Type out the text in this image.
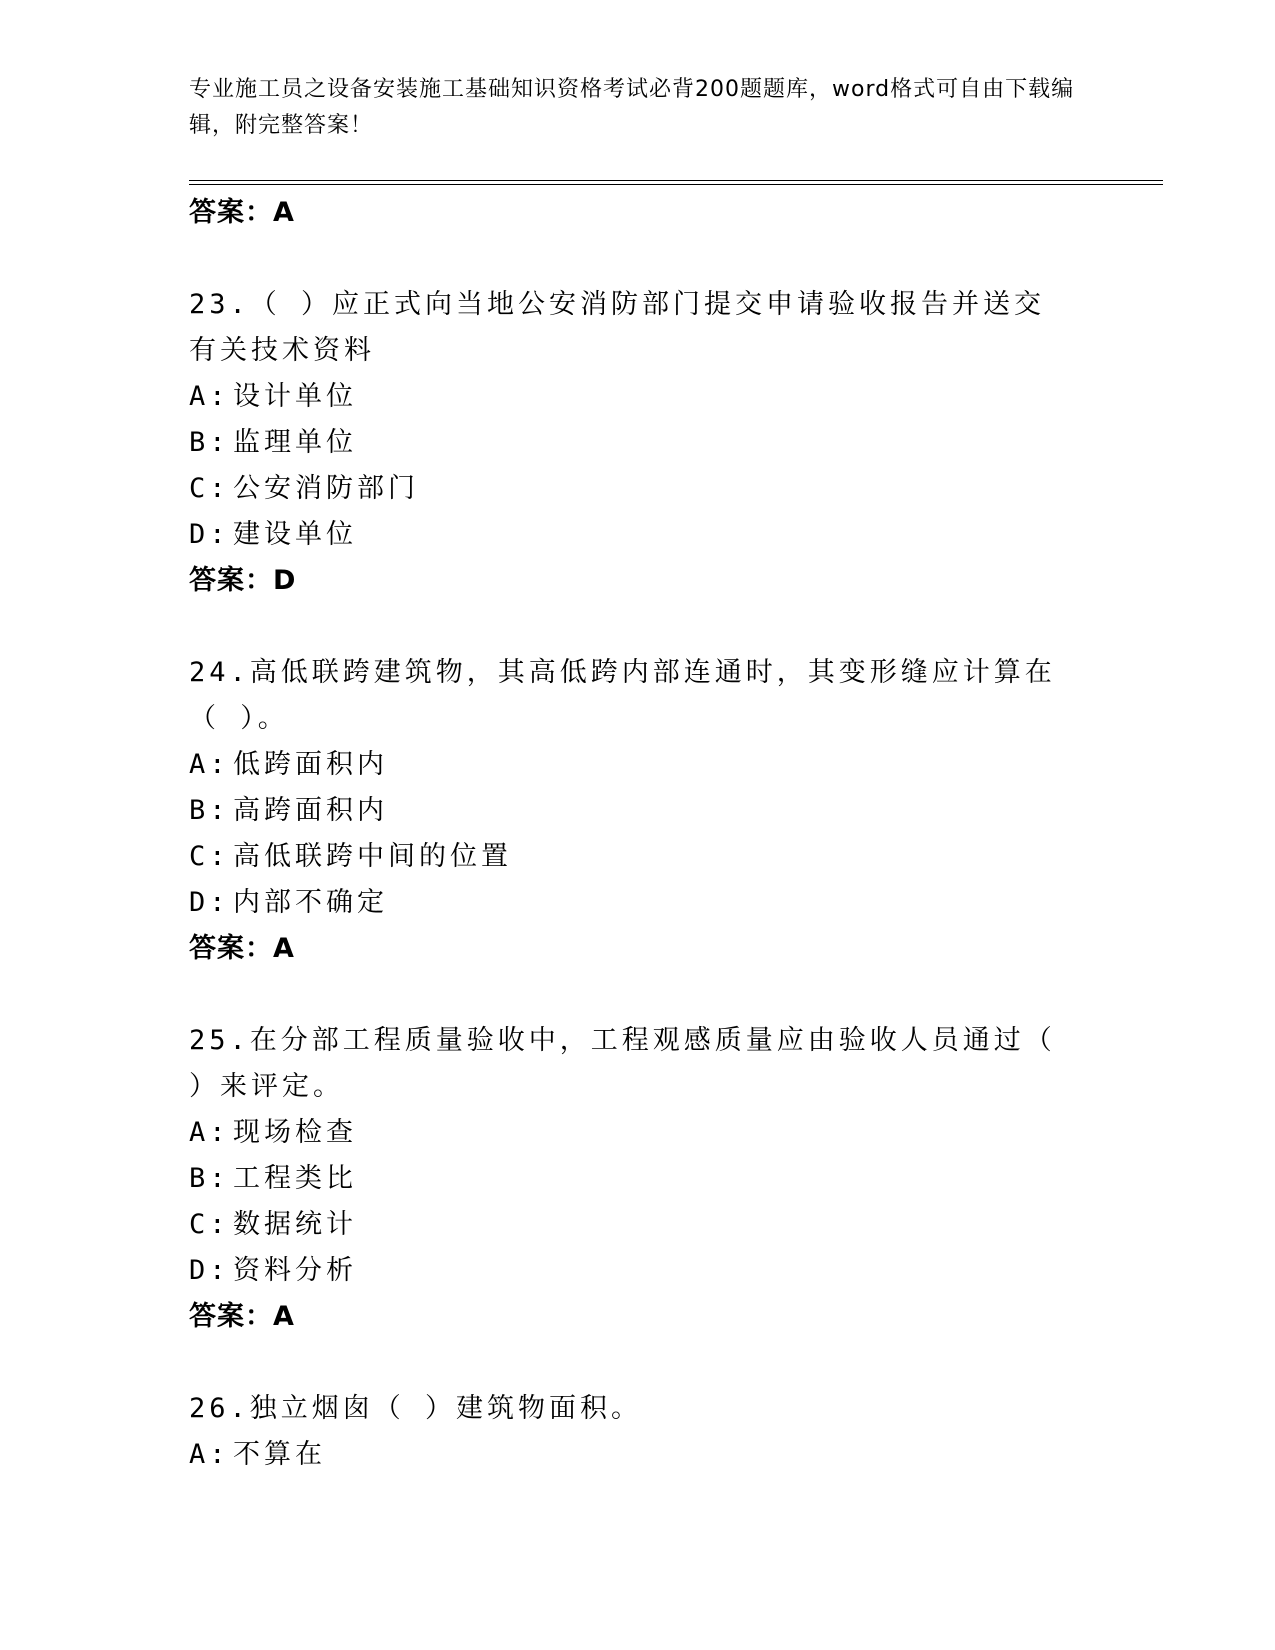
专业施工员之设备安装施工基础知识资格考试必背200题题库，word格式可自由下载编辑，附完整答案！
答案：A
23.（ ）应正式向当地公安消防部门提交申请验收报告并送交有关技术资料
A: 设计单位
B: 监理单位
C: 公安消防部门
D: 建设单位
答案：D
24.高低联跨建筑物，其高低跨内部连通时，其变形缝应计算在（ ）。
A: 低跨面积内
B: 高跨面积内
C: 高低联跨中间的位置
D: 内部不确定
答案：A
25.在分部工程质量验收中，工程观感质量应由验收人员通过（ ）来评定。
A: 现场检查
B: 工程类比
C: 数据统计
D: 资料分析
答案：A
26.独立烟囱（ ）建筑物面积。
A: 不算在
